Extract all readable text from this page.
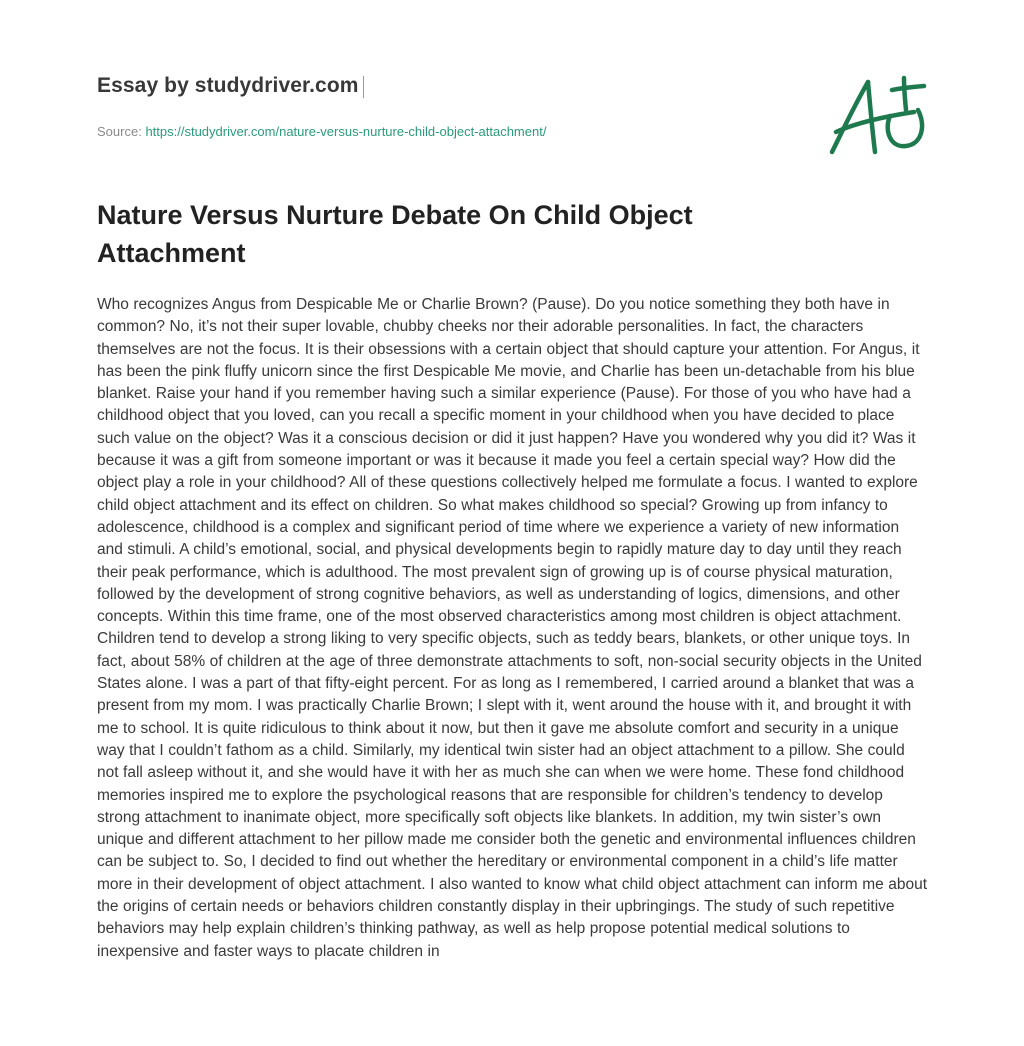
Essay by studydriver.com
Source: https://studydriver.com/nature-versus-nurture-child-object-attachment/
Nature Versus Nurture Debate On Child Object Attachment

Who recognizes Angus from Despicable Me or Charlie Brown? (Pause). Do you notice something they both have in common? No, it’s not their super lovable, chubby cheeks nor their adorable personalities. In fact, the characters themselves are not the focus. It is their obsessions with a certain object that should capture your attention. For Angus, it has been the pink fluffy unicorn since the first Despicable Me movie, and Charlie has been un-detachable from his blue blanket. Raise your hand if you remember having such a similar experience (Pause). For those of you who have had a childhood object that you loved, can you recall a specific moment in your childhood when you have decided to place such value on the object? Was it a conscious decision or did it just happen? Have you wondered why you did it? Was it because it was a gift from someone important or was it because it made you feel a certain special way? How did the object play a role in your childhood? All of these questions collectively helped me formulate a focus. I wanted to explore child object attachment and its effect on children. So what makes childhood so special? Growing up from infancy to adolescence, childhood is a complex and significant period of time where we experience a variety of new information and stimuli. A child’s emotional, social, and physical developments begin to rapidly mature day to day until they reach their peak performance, which is adulthood. The most prevalent sign of growing up is of course physical maturation, followed by the development of strong cognitive behaviors, as well as understanding of logics, dimensions, and other concepts. Within this time frame, one of the most observed characteristics among most children is object attachment. Children tend to develop a strong liking to very specific objects, such as teddy bears, blankets, or other unique toys. In fact, about 58% of children at the age of three demonstrate attachments to soft, non-social security objects in the United States alone. I was a part of that fifty-eight percent. For as long as I remembered, I carried around a blanket that was a present from my mom. I was practically Charlie Brown; I slept with it, went around the house with it, and brought it with me to school. It is quite ridiculous to think about it now, but then it gave me absolute comfort and security in a unique way that I couldn’t fathom as a child. Similarly, my identical twin sister had an object attachment to a pillow. She could not fall asleep without it, and she would have it with her as much she can when we were home. These fond childhood memories inspired me to explore the psychological reasons that are responsible for children’s tendency to develop strong attachment to inanimate object, more specifically soft objects like blankets. In addition, my twin sister’s own unique and different attachment to her pillow made me consider both the genetic and environmental influences children can be subject to. So, I decided to find out whether the hereditary or environmental component in a child’s life matter more in their development of object attachment. I also wanted to know what child object attachment can inform me about the origins of certain needs or behaviors children constantly display in their upbringings. The study of such repetitive behaviors may help explain children’s thinking pathway, as well as help propose potential medical solutions to inexpensive and faster ways to placate children in
